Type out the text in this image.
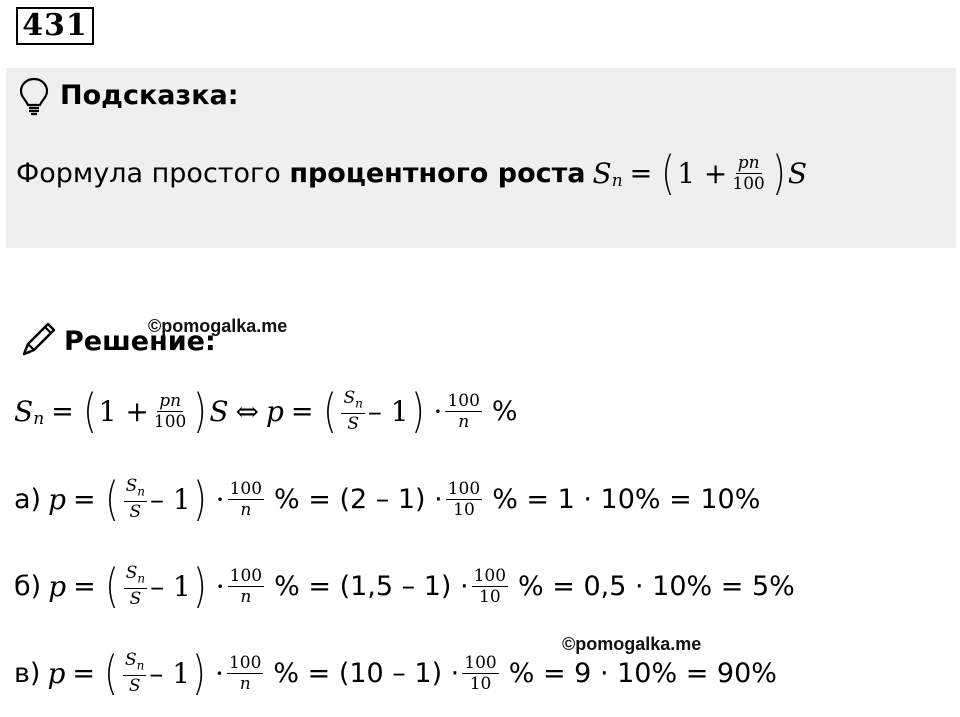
431
Подсказка:
Формула простого процентного роста S n = ( $1 + \frac{pn}{100}$ ) S
©pomogalka.me
Решение:
S n = ( $1 + \frac{pn}{100}$ ) S ⇔ p = ( $\frac{S_n}{S} - 1$ ) · $\frac{100}{n}$ %
а) p = ( $\frac{S_n}{S} - 1$ ) · $\frac{100}{n}$ % = $(2 - 1) \cdot \frac{100}{10}$ % = 1 · 10% = 10%
б) p = ( $\frac{S_n}{S} - 1$ ) · $\frac{100}{n}$ % = $(1,5 - 1) \cdot \frac{100}{10}$ % = 0,5 · 10% = 5%
©pomogalka.me
в) p = ( $\frac{S_n}{S} - 1$ ) · $\frac{100}{n}$ % = $(10 - 1) \cdot \frac{100}{10}$ % = 9 · 10% = 90%
